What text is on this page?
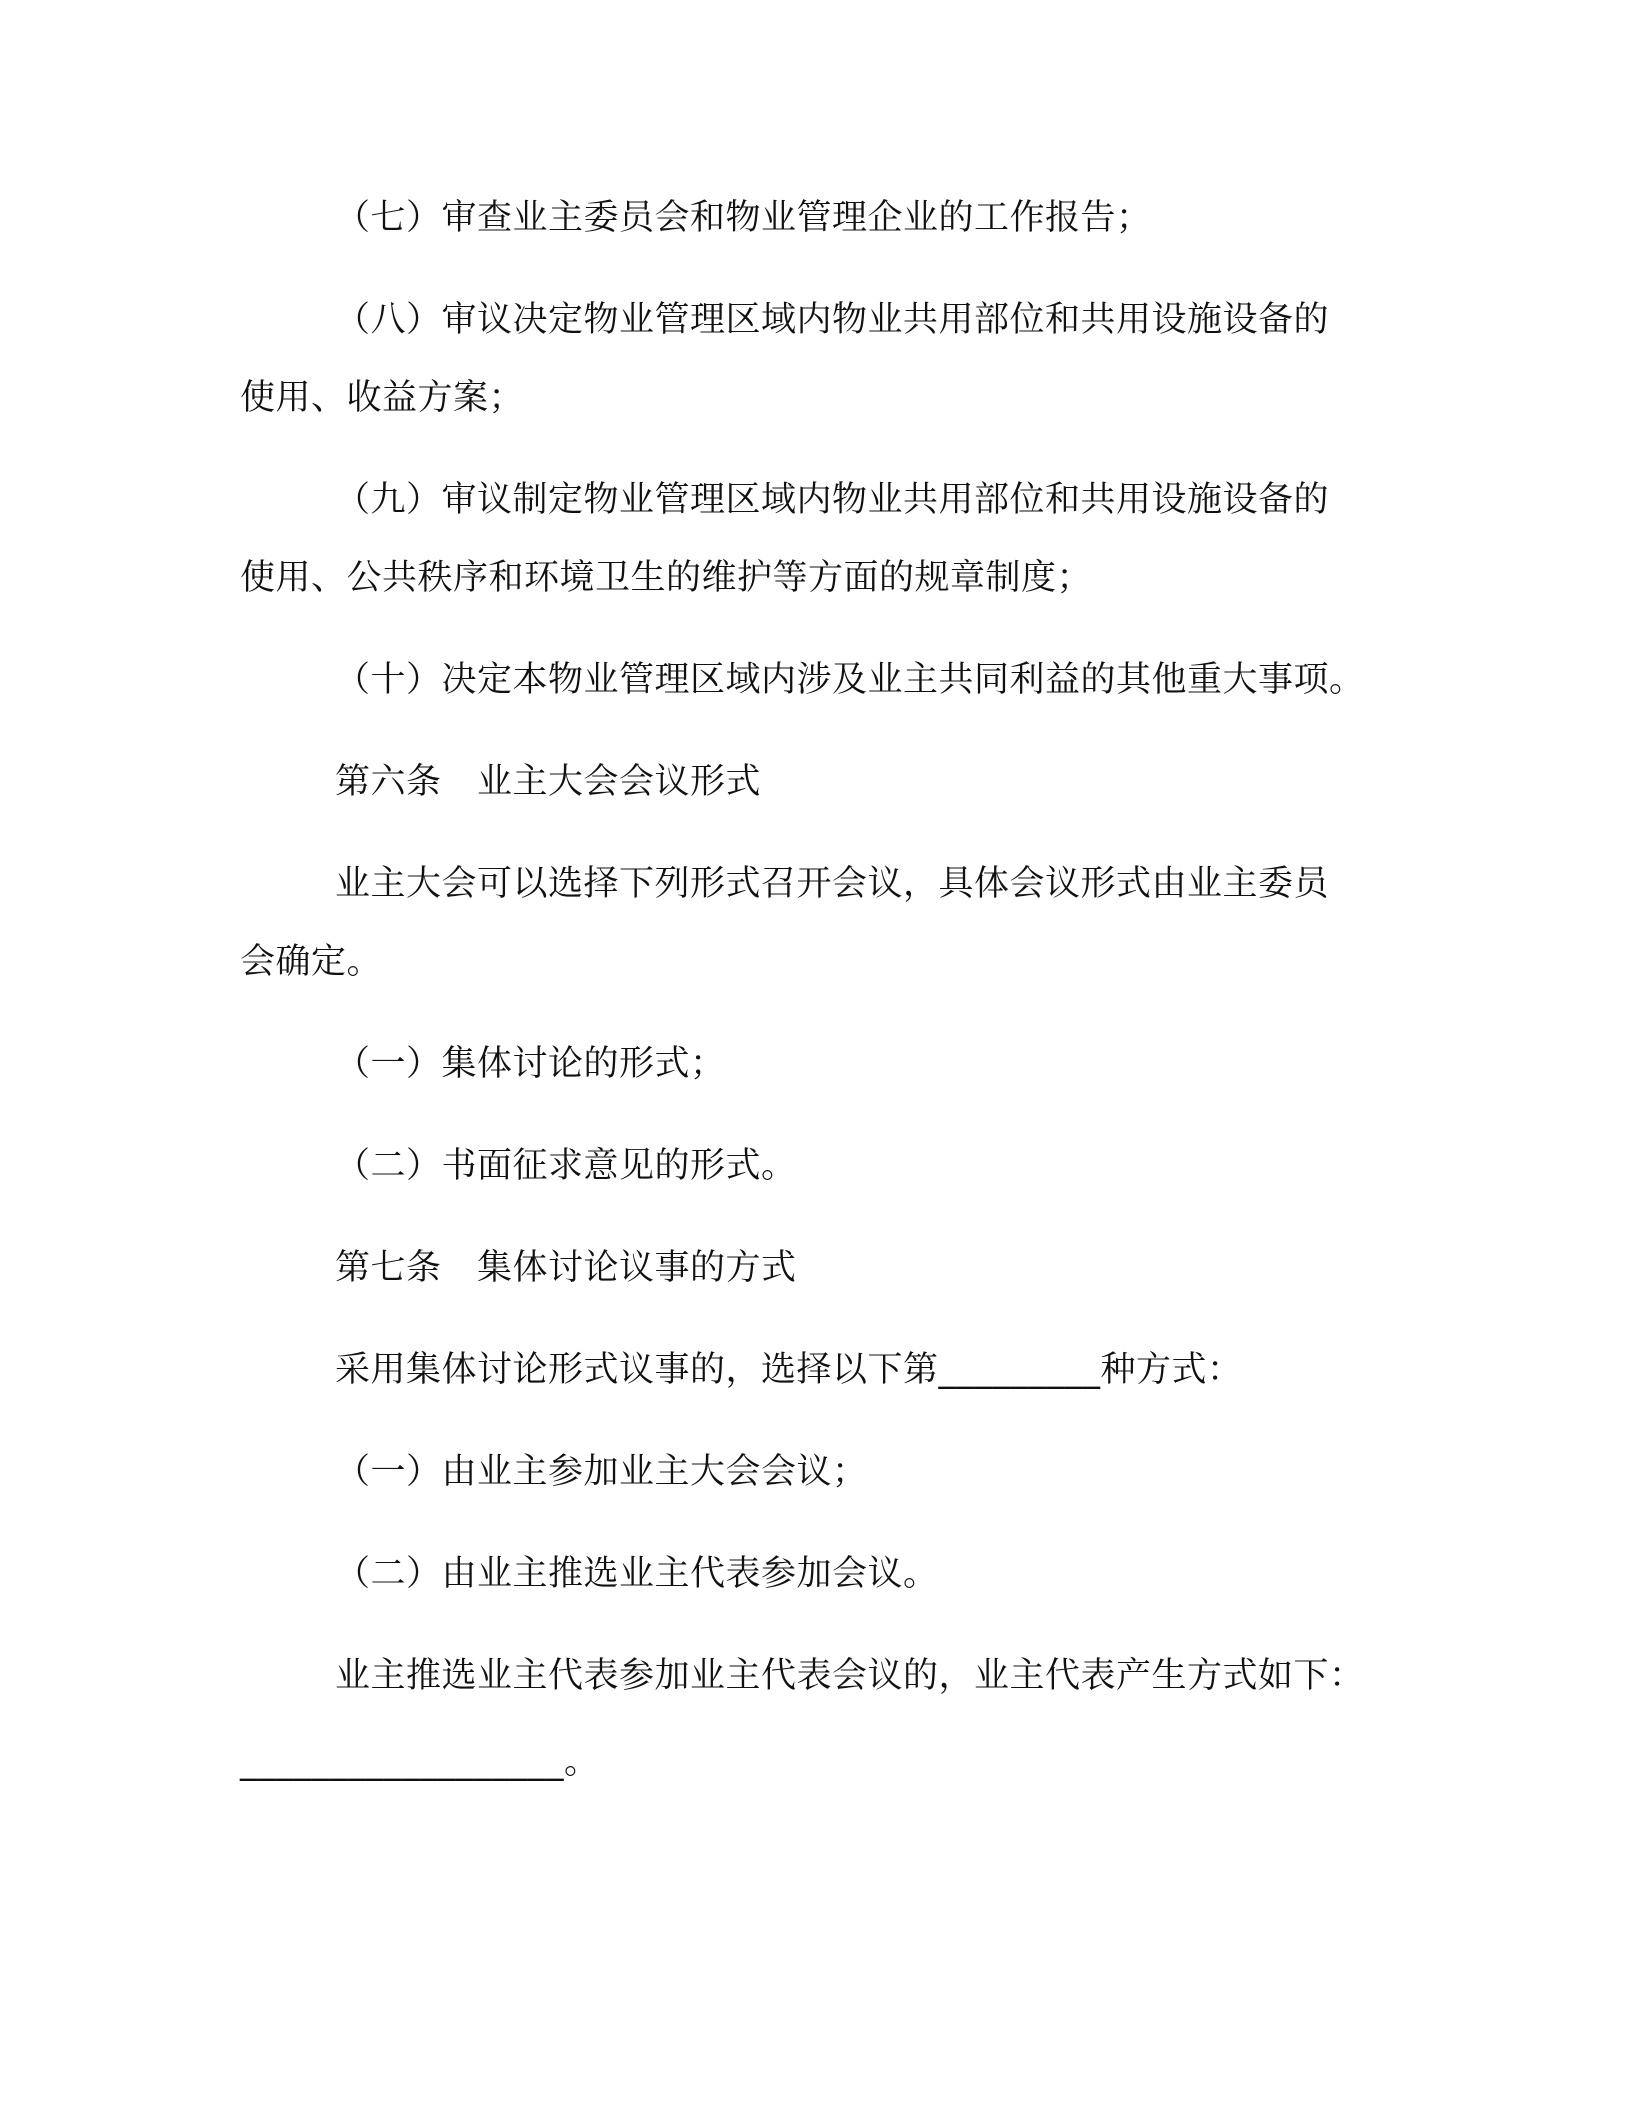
（七）审查业主委员会和物业管理企业的工作报告；
（八）审议决定物业管理区域内物业共用部位和共用设施设备的
使用、收益方案；
（九）审议制定物业管理区域内物业共用部位和共用设施设备的
使用、公共秩序和环境卫生的维护等方面的规章制度；
（十）决定本物业管理区域内涉及业主共同利益的其他重大事项。
第六条　业主大会会议形式
业主大会可以选择下列形式召开会议，具体会议形式由业主委员
会确定。
（一）集体讨论的形式；
（二）书面征求意见的形式。
第七条　集体讨论议事的方式
采用集体讨论形式议事的，选择以下第_________种方式：
（一）由业主参加业主大会会议；
（二）由业主推选业主代表参加会议。
业主推选业主代表参加业主代表会议的，业主代表产生方式如下：
__________________。
